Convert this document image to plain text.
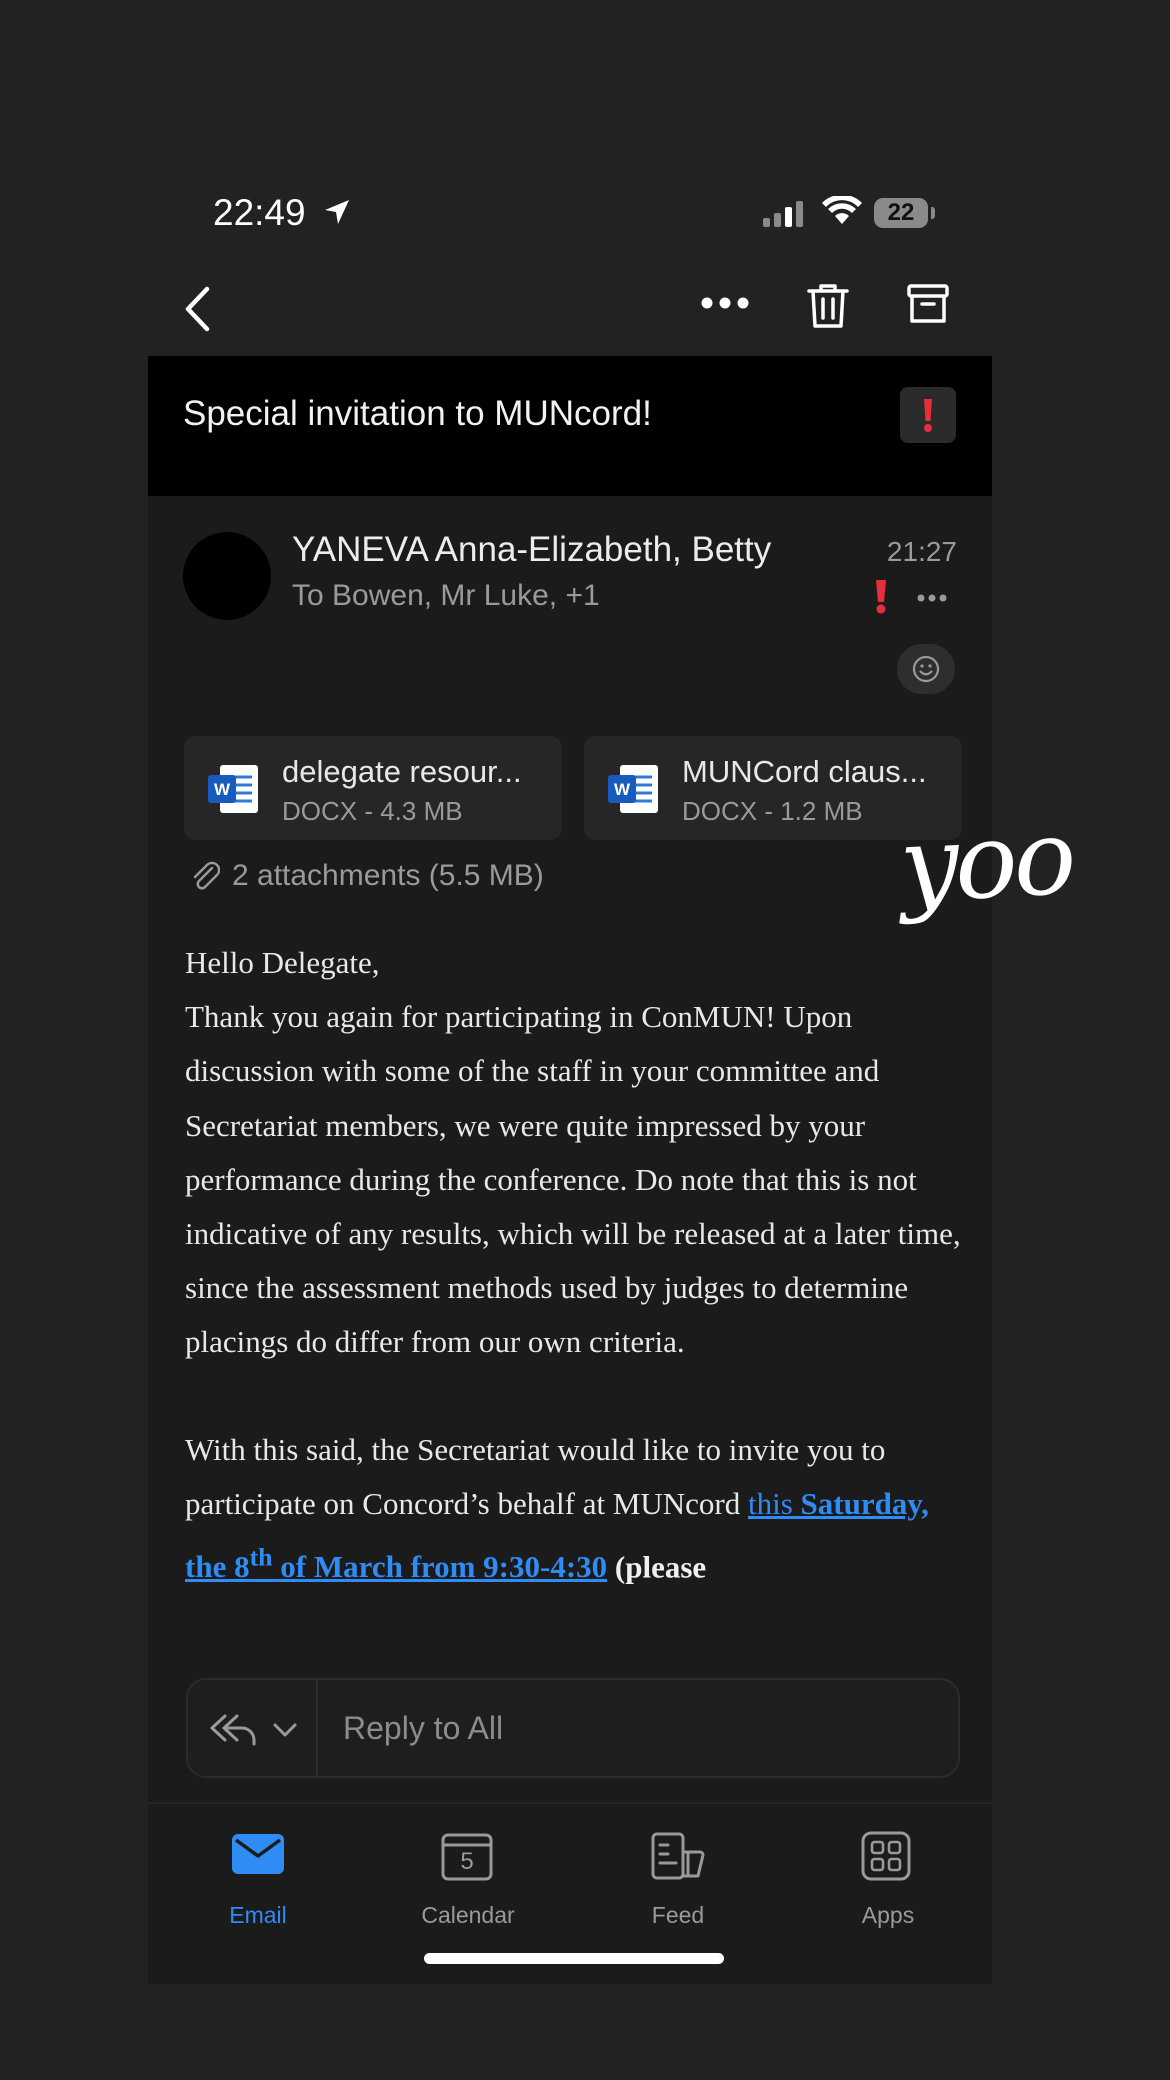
22:49	22
Special invitation to MUNcord!
YANEVA Anna-Elizabeth, Betty
To Bowen, Mr Luke, +1
21:27
W
delegate resour...
DOCX - 4.3 MB
W
MUNCord claus...
DOCX - 1.2 MB
2 attachments (5.5 MB)

Hello Delegate,

Thank you again for participating in ConMUN! Upon discussion with some of the staff in your committee and Secretariat members, we were quite impressed by your performance during the conference. Do note that this is not indicative of any results, which will be released at a later time, since the assessment methods used by judges to determine placings do differ from our own criteria.

With this said, the Secretariat would like to invite you to participate on Concord’s behalf at MUNcord this Saturday, the 8th of March from 9:30-4:30 (please

yoo
Reply to All
Email
5
Calendar	Feed	Apps
